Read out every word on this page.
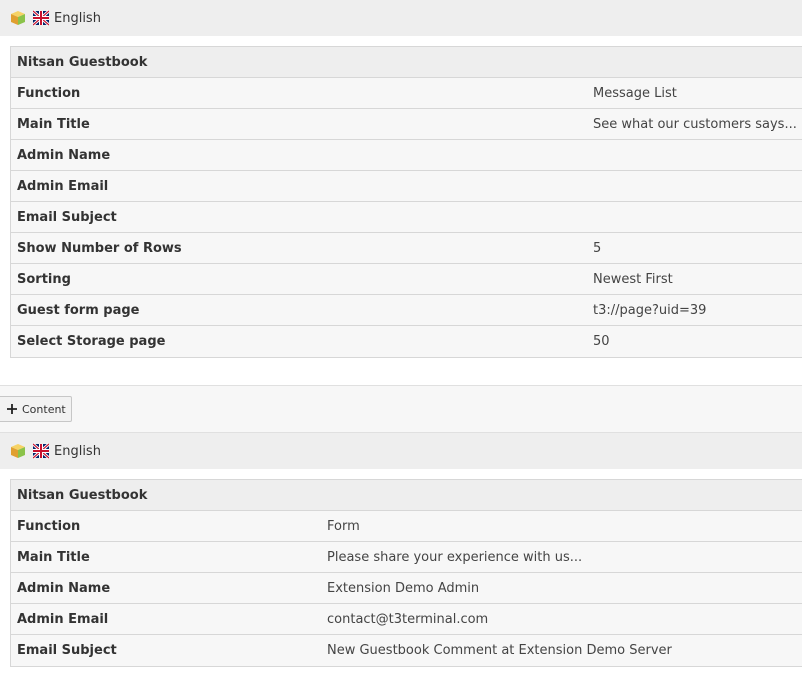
English
Nitsan Guestbook
Function	Message List
Main Title	See what our customers says...
Admin Name
Admin Email
Email Subject
Show Number of Rows	5
Sorting	Newest First
Guest form page	t3://page?uid=39
Select Storage page	50
Content
English
Nitsan Guestbook
Function	Form
Main Title	Please share your experience with us...
Admin Name	Extension Demo Admin
Admin Email	contact@t3terminal.com
Email Subject	New Guestbook Comment at Extension Demo Server
